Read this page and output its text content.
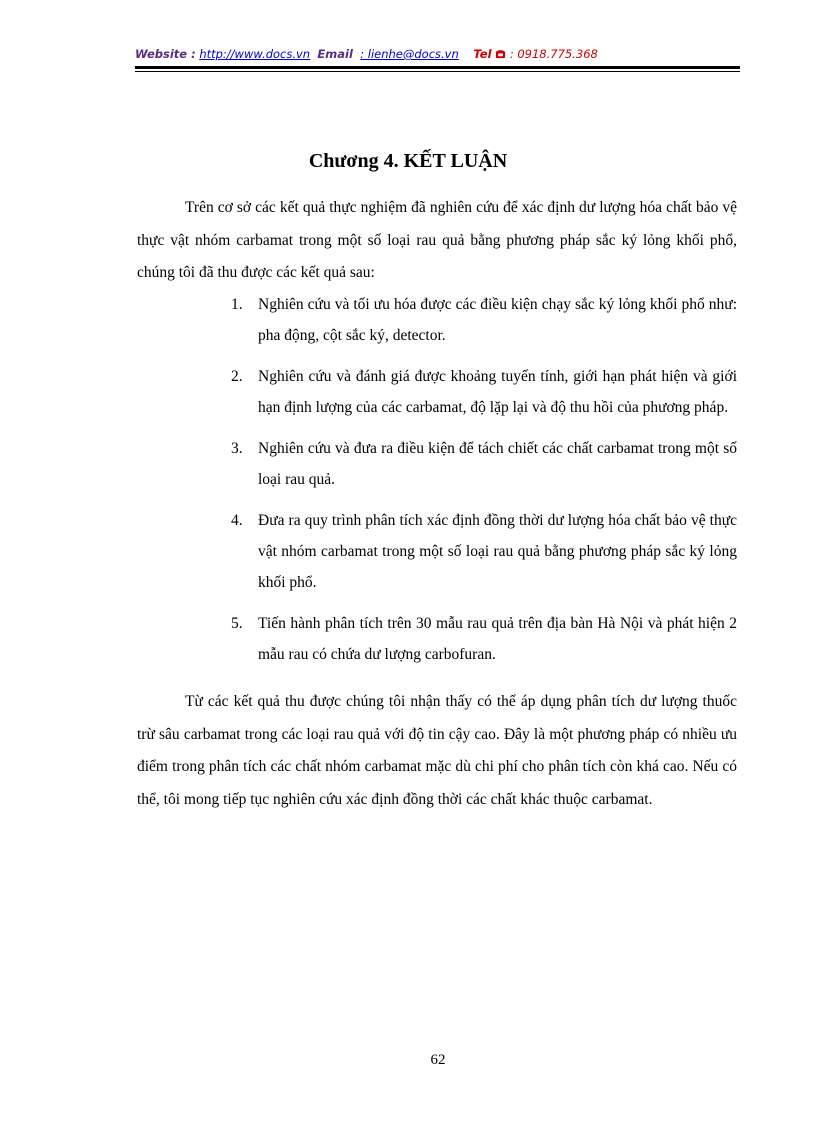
Website : http://www.docs.vn Email : lienhe@docs.vn Tel : 0918.775.368
Chương 4. KẾT LUẬN

Trên cơ sở các kết quả thực nghiệm đã nghiên cứu để xác định dư lượng hóa chất bảo vệ thực vật nhóm carbamat trong một số loại rau quả bằng phương pháp sắc ký lỏng khối phổ, chúng tôi đã thu được các kết quả sau:

1. Nghiên cứu và tối ưu hóa được các điều kiện chạy sắc ký lỏng khối phổ như: pha động, cột sắc ký, detector.
2. Nghiên cứu và đánh giá được khoảng tuyến tính, giới hạn phát hiện và giới hạn định lượng của các carbamat, độ lặp lại và độ thu hồi của phương pháp.
3. Nghiên cứu và đưa ra điều kiện để tách chiết các chất carbamat trong một số loại rau quả.
4. Đưa ra quy trình phân tích xác định đồng thời dư lượng hóa chất bảo vệ thực vật nhóm carbamat trong một số loại rau quả bằng phương pháp sắc ký lỏng khối phổ.
5. Tiến hành phân tích trên 30 mẫu rau quả trên địa bàn Hà Nội và phát hiện 2 mẫu rau có chứa dư lượng carbofuran.

Từ các kết quả thu được chúng tôi nhận thấy có thể áp dụng phân tích dư lượng thuốc trừ sâu carbamat trong các loại rau quả với độ tin cậy cao. Đây là một phương pháp có nhiều ưu điểm trong phân tích các chất nhóm carbamat mặc dù chi phí cho phân tích còn khá cao. Nếu có thể, tôi mong tiếp tục nghiên cứu xác định đồng thời các chất khác thuộc carbamat.

62
